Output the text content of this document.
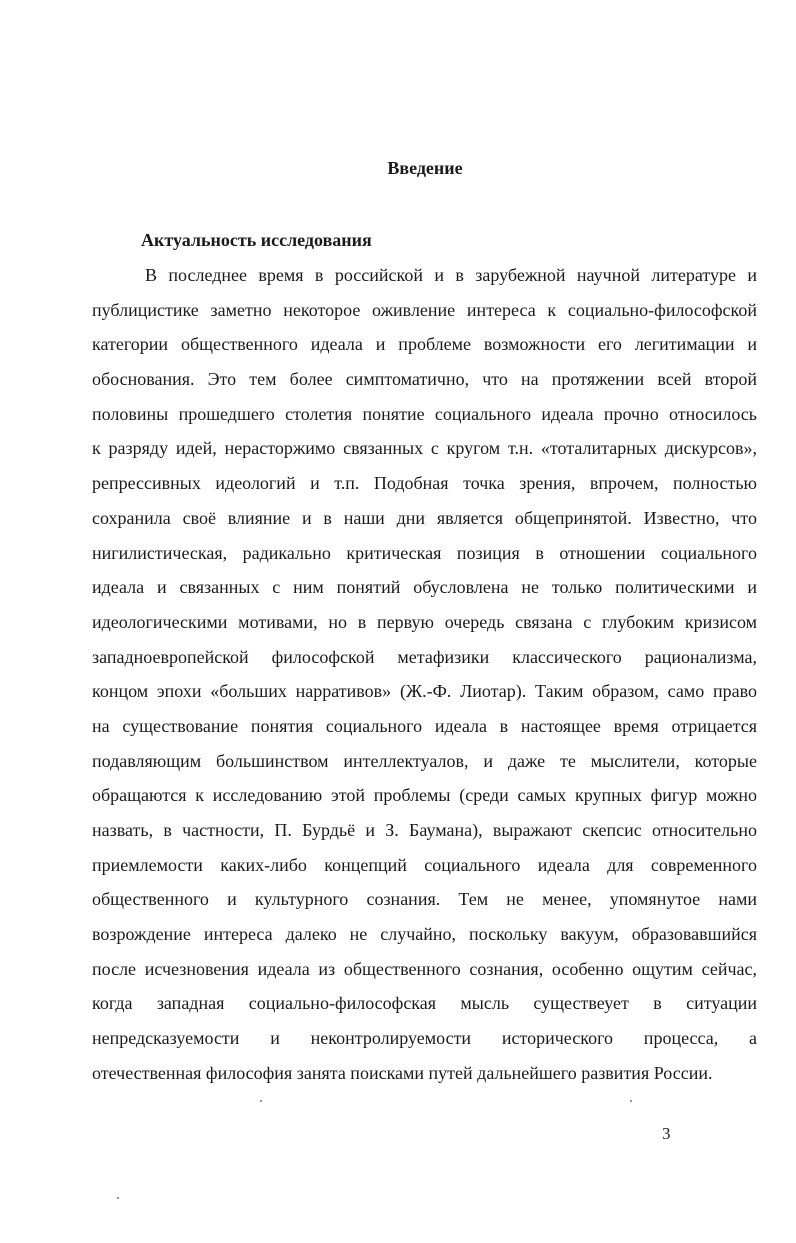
Введение
Актуальность исследования
В последнее время в российской и в зарубежной научной литературе и
публицистике заметно некоторое оживление интереса к социально-философской
категории общественного идеала и проблеме возможности его легитимации и
обоснования. Это тем более симптоматично, что на протяжении всей второй
половины прошедшего столетия понятие социального идеала прочно относилось
к разряду идей, нерасторжимо связанных с кругом т.н. «тоталитарных дискурсов»,
репрессивных идеологий и т.п. Подобная точка зрения, впрочем, полностью
сохранила своё влияние и в наши дни является общепринятой. Известно, что
нигилистическая, радикально критическая позиция в отношении социального
идеала и связанных с ним понятий обусловлена не только политическими и
идеологическими мотивами, но в первую очередь связана с глубоким кризисом
западноевропейской философской метафизики классического рационализма,
концом эпохи «больших нарративов» (Ж.-Ф. Лиотар). Таким образом, само право
на существование понятия социального идеала в настоящее время отрицается
подавляющим большинством интеллектуалов, и даже те мыслители, которые
обращаются к исследованию этой проблемы (среди самых крупных фигур можно
назвать, в частности, П. Бурдьё и З. Баумана), выражают скепсис относительно
приемлемости каких-либо концепций социального идеала для современного
общественного и культурного сознания. Тем не менее, упомянутое нами
возрождение интереса далеко не случайно, поскольку вакуум, образовавшийся
после исчезновения идеала из общественного сознания, особенно ощутим сейчас,
когда западная социально-философская мысль существеует в ситуации
непредсказуемости и неконтролируемости исторического процесса, а
отечественная философия занята поисками путей дальнейшего развития России.
3
